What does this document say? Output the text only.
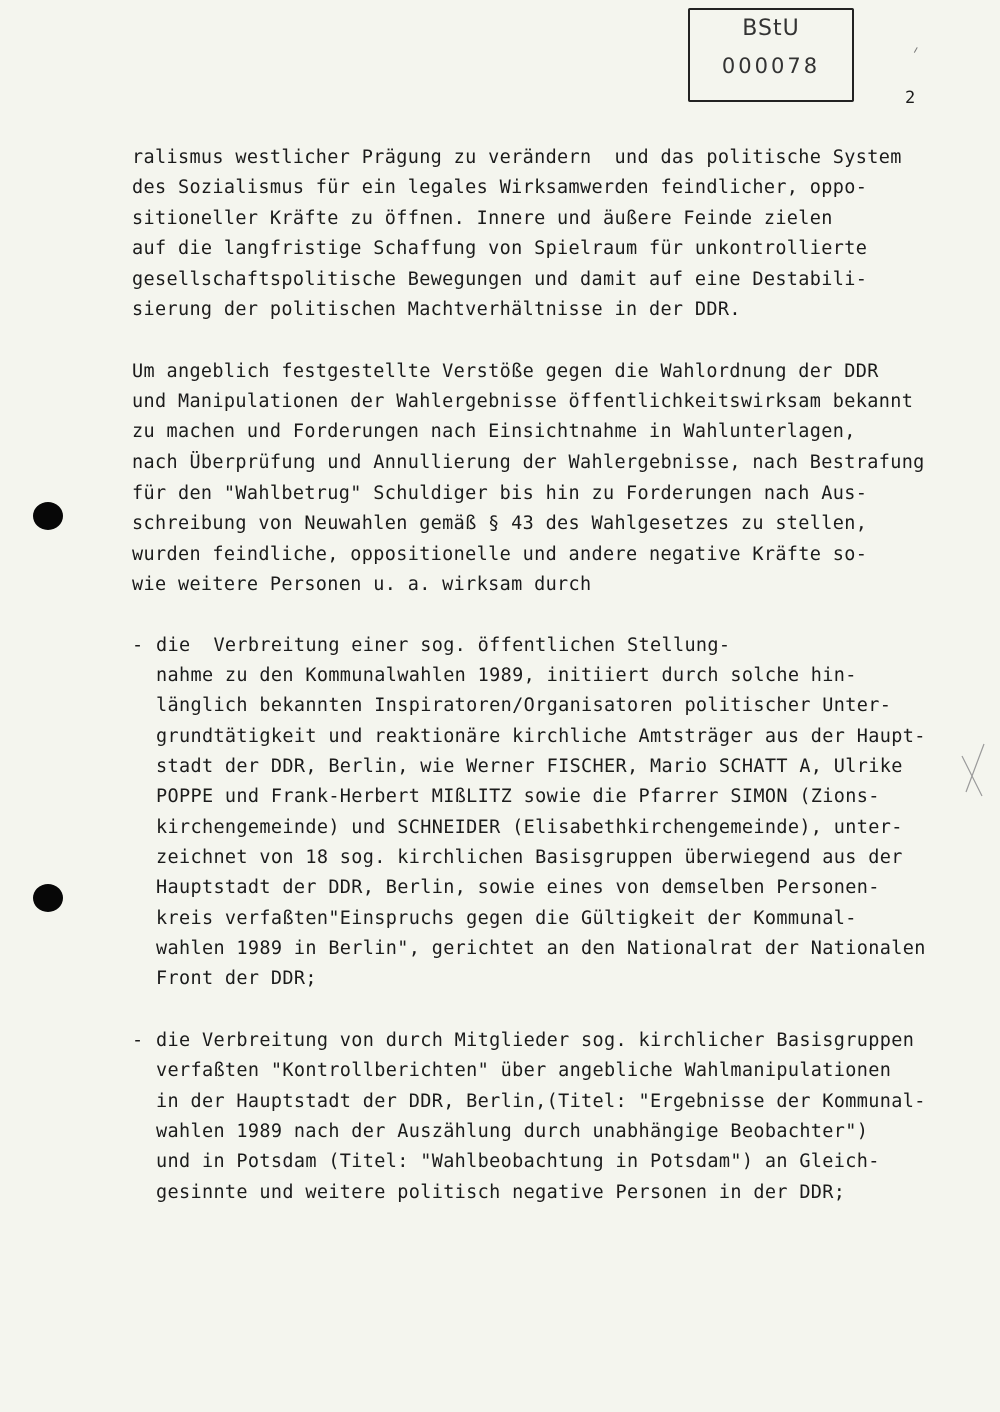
BStU
000078
2
ralismus westlicher Prägung zu verändern  und das politische System
des Sozialismus für ein legales Wirksamwerden feindlicher, oppo-
sitioneller Kräfte zu öffnen. Innere und äußere Feinde zielen
auf die langfristige Schaffung von Spielraum für unkontrollierte
gesellschaftspolitische Bewegungen und damit auf eine Destabili-
sierung der politischen Machtverhältnisse in der DDR.
Um angeblich festgestellte Verstöße gegen die Wahlordnung der DDR
und Manipulationen der Wahlergebnisse öffentlichkeitswirksam bekannt
zu machen und Forderungen nach Einsichtnahme in Wahlunterlagen,
nach Überprüfung und Annullierung der Wahlergebnisse, nach Bestrafung
für den "Wahlbetrug" Schuldiger bis hin zu Forderungen nach Aus-
schreibung von Neuwahlen gemäß § 43 des Wahlgesetzes zu stellen,
wurden feindliche, oppositionelle und andere negative Kräfte so-
wie weitere Personen u. a. wirksam durch
- die  Verbreitung einer sog. öffentlichen Stellung-
nahme zu den Kommunalwahlen 1989, initiiert durch solche hin-
länglich bekannten Inspiratoren/Organisatoren politischer Unter-
grundtätigkeit und reaktionäre kirchliche Amtsträger aus der Haupt-
stadt der DDR, Berlin, wie Werner FISCHER, Mario SCHATT A, Ulrike
POPPE und Frank-Herbert MIßLITZ sowie die Pfarrer SIMON (Zions-
kirchengemeinde) und SCHNEIDER (Elisabethkirchengemeinde), unter-
zeichnet von 18 sog. kirchlichen Basisgruppen überwiegend aus der
Hauptstadt der DDR, Berlin, sowie eines von demselben Personen-
kreis verfaßten"Einspruchs gegen die Gültigkeit der Kommunal-
wahlen 1989 in Berlin", gerichtet an den Nationalrat der Nationalen
Front der DDR;
- die Verbreitung von durch Mitglieder sog. kirchlicher Basisgruppen
verfaßten "Kontrollberichten" über angebliche Wahlmanipulationen
in der Hauptstadt der DDR, Berlin,(Titel: "Ergebnisse der Kommunal-
wahlen 1989 nach der Auszählung durch unabhängige Beobachter")
und in Potsdam (Titel: "Wahlbeobachtung in Potsdam") an Gleich-
gesinnte und weitere politisch negative Personen in der DDR;
